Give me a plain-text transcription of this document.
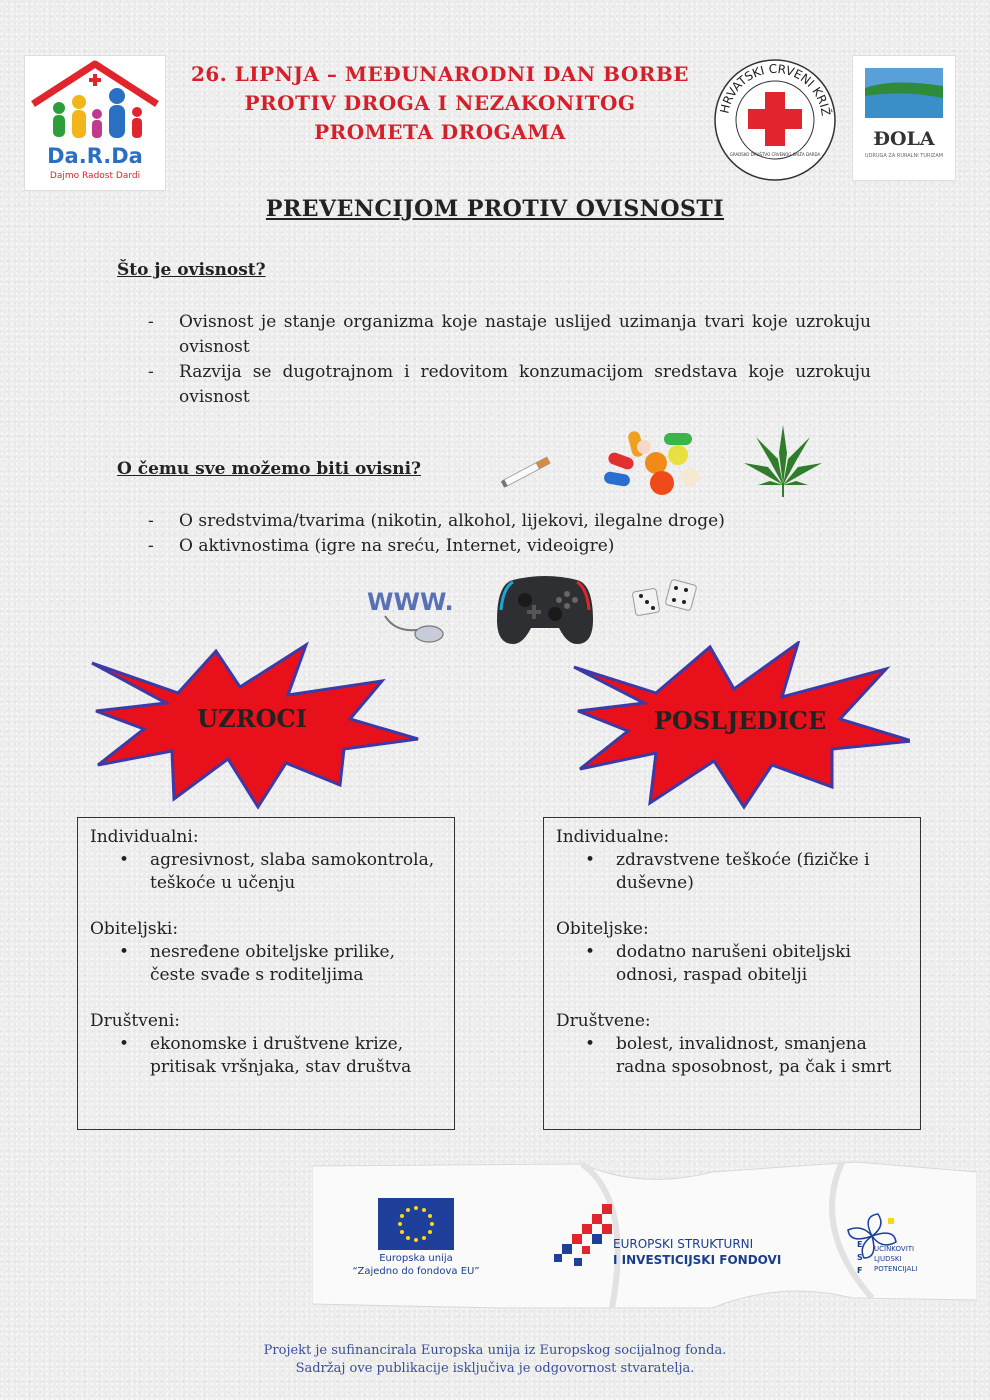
Da.R.Da
Dajmo Radost Dardi
26. LIPNJA – MEĐUNARODNI DAN BORBE
PROTIV DROGA I NEZAKONITOG
PROMETA DROGAMA
HRVATSKI CRVENI KRIŽ
GRADSKO DRUŠTVO CRVENOG KRIŽA DARDA
ĐOLA
UDRUGA ZA RURALNI TURIZAM
PREVENCIJOM PROTIV OVISNOSTI
Što je ovisnost?
- Ovisnost je stanje organizma koje nastaje uslijed uzimanja tvari koje uzrokuju ovisnost
- Razvija se dugotrajnom i redovitom konzumacijom sredstava koje uzrokuju ovisnost
O čemu sve možemo biti ovisni?
- O sredstvima/tvarima (nikotin, alkohol, lijekovi, ilegalne droge)
- O aktivnostima (igre na sreću, Internet, videoigre)
WWW.
UZROCI	POSLJEDICE
Individualni:
• agresivnost, slaba samokontrola, teškoće u učenju
Obiteljski:
• nesređene obiteljske prilike, česte svađe s roditeljima
Društveni:
• ekonomske i društvene krize, pritisak vršnjaka, stav društva
Individualne:
• zdravstvene teškoće (fizičke i duševne)
Obiteljske:
• dodatno narušeni obiteljski odnosi, raspad obitelji
Društvene:
• bolest, invalidnost, smanjena radna sposobnost, pa čak i smrt
Europska unija
“Zajedno do fondova EU”
EUROPSKI STRUKTURNI
I INVESTICIJSKI FONDOVI
E
S
F
UČINKOVITI
LJUDSKI
POTENCIJALI
Projekt je sufinancirala Europska unija iz Europskog socijalnog fonda.
Sadržaj ove publikacije isključiva je odgovornost stvaratelja.
